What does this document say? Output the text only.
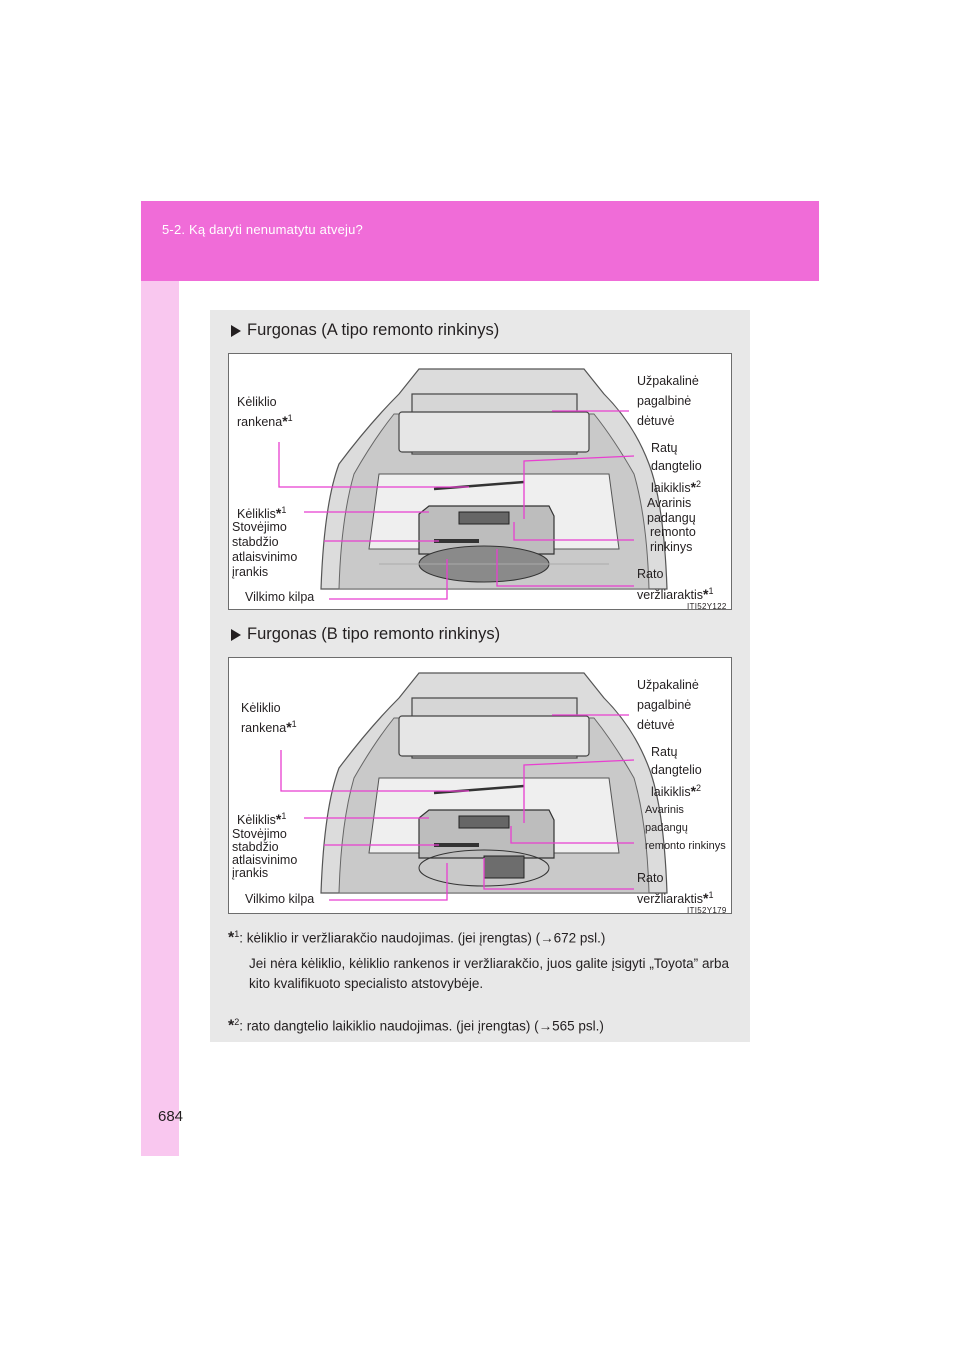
5-2. Ką daryti nenumatytu atveju?
684
Furgonas (A tipo remonto rinkinys)
Kėliklio
rankena*$^1$
Kėliklis*$^1$
Stovėjimo
stabdžio
atlaisvinimo
įrankis
Vilkimo kilpa
Užpakalinė
pagalbinė
dėtuvė
Ratų
dangtelio
laikiklis*$^2$
Avarinis
padangų
remonto
rinkinys
Rato
veržliaraktis*$^1$
ITI52Y122
Furgonas (B tipo remonto rinkinys)
Kėliklio
rankena*$^1$
Kėliklis*$^1$
Stovėjimo
stabdžio
atlaisvinimo
įrankis
Vilkimo kilpa
Užpakalinė
pagalbinė
dėtuvė
Ratų
dangtelio
laikiklis*$^2$
Avarinis
padangų
remonto rinkinys
Rato
veržliaraktis*$^1$
ITI52Y179
*$^1$: kėliklio ir veržliarakčio naudojimas. (jei įrengtas) (→672 psl.)
Jei nėra kėliklio, kėliklio rankenos ir veržliarakčio, juos galite įsigyti „Toyota” arba kito kvalifikuoto specialisto atstovybėje.
*$^2$: rato dangtelio laikiklio naudojimas. (jei įrengtas) (→565 psl.)
